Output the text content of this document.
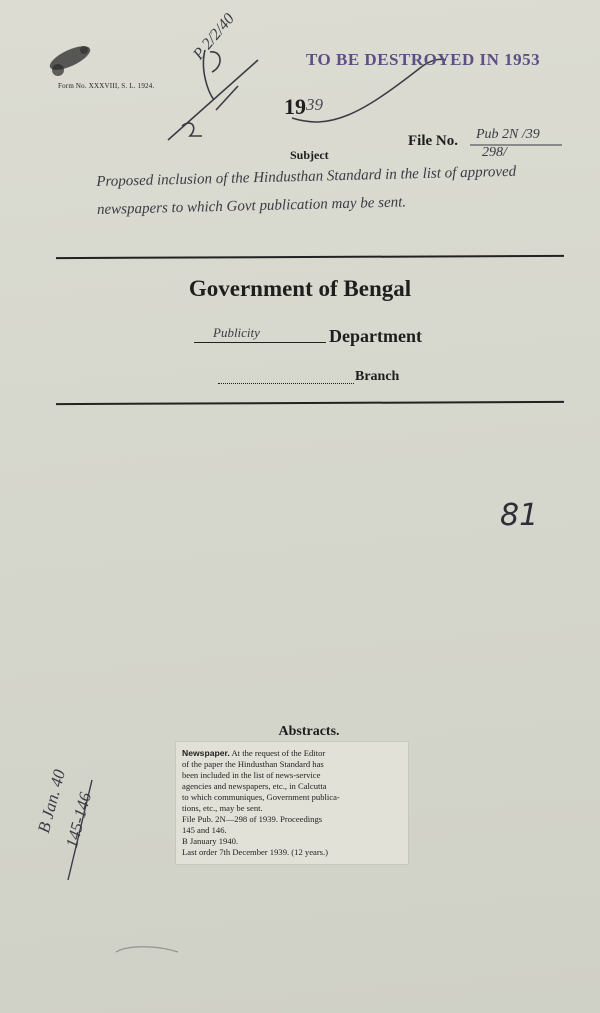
Form No. XXXVIII, S. L. 1924.
TO BE DESTROYED IN 1953
P 2/2/40
19 39
File No. Pub 2N /39
298/
Subject
Proposed inclusion of the Hindusthan Standard in the list of approved newspapers to which Govt publication may be sent.
Government of Bengal
Publicity	Department
Branch
81
Abstracts.
Newspaper. At the request of the Editor
of the paper the Hindusthan Standard has
been included in the list of news-service
agencies and newspapers, etc., in Calcutta
to which communiques, Government publica-
tions, etc., may be sent.
File Pub. 2N—298 of 1939. Proceedings
145 and 146.
B January 1940.
Last order 7th December 1939. (12 years.)
B Jan. 40
145-146
